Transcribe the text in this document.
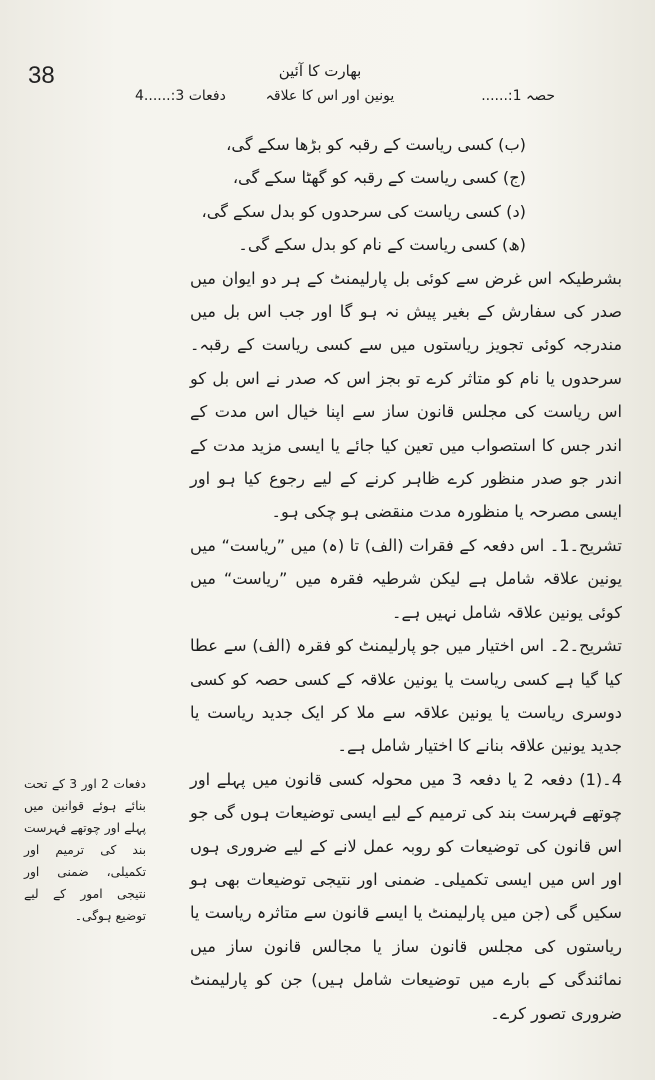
38	بھارت کا آئین
حصہ 1:......
یونین اور اس کا علاقہ
دفعات 3:......4

(ب) کسی ریاست کے رقبہ کو بڑھا سکے گی،

(ج) کسی ریاست کے رقبہ کو گھٹا سکے گی،

(د) کسی ریاست کی سرحدوں کو بدل سکے گی،

(ھ) کسی ریاست کے نام کو بدل سکے گی۔

بشرطیکہ اس غرض سے کوئی بل پارلیمنٹ کے ہر دو ایوان میں صدر کی سفارش کے بغیر پیش نہ ہو گا اور جب اس بل میں مندرجہ کوئی تجویز ریاستوں میں سے کسی ریاست کے رقبہ۔ سرحدوں یا نام کو متاثر کرے تو بجز اس کہ صدر نے اس بل کو اس ریاست کی مجلس قانون ساز سے اپنا خیال اس مدت کے اندر جس کا استصواب میں تعین کیا جائے یا ایسی مزید مدت کے اندر جو صدر منظور کرے ظاہر کرنے کے لیے رجوع کیا ہو اور ایسی مصرحہ یا منظورہ مدت منقضی ہو چکی ہو۔

تشریح۔1۔ اس دفعہ کے فقرات (الف) تا (ہ) میں ”ریاست“ میں یونین علاقہ شامل ہے لیکن شرطیہ فقرہ میں ”ریاست“ میں کوئی یونین علاقہ شامل نہیں ہے۔

تشریح۔2۔ اس اختیار میں جو پارلیمنٹ کو فقرہ (الف) سے عطا کیا گیا ہے کسی ریاست یا یونین علاقہ کے کسی حصہ کو کسی دوسری ریاست یا یونین علاقہ سے ملا کر ایک جدید ریاست یا جدید یونین علاقہ بنانے کا اختیار شامل ہے۔

4۔(1) دفعہ 2 یا دفعہ 3 میں محولہ کسی قانون میں پہلے اور چوتھے فہرست بند کی ترمیم کے لیے ایسی توضیعات ہوں گی جو اس قانون کی توضیعات کو روبہ عمل لانے کے لیے ضروری ہوں اور اس میں ایسی تکمیلی۔ ضمنی اور نتیجی توضیعات بھی ہو سکیں گی (جن میں پارلیمنٹ یا ایسے قانون سے متاثرہ ریاست یا ریاستوں کی مجلس قانون ساز یا مجالس قانون ساز میں نمائندگی کے بارے میں توضیعات شامل ہیں) جن کو پارلیمنٹ ضروری تصور کرے۔

دفعات 2 اور 3 کے تحت بنائے ہوئے قوانین میں پہلے اور چوتھے فہرست بند کی ترمیم اور تکمیلی، ضمنی اور نتیجی امور کے لیے توضیع ہوگی۔
